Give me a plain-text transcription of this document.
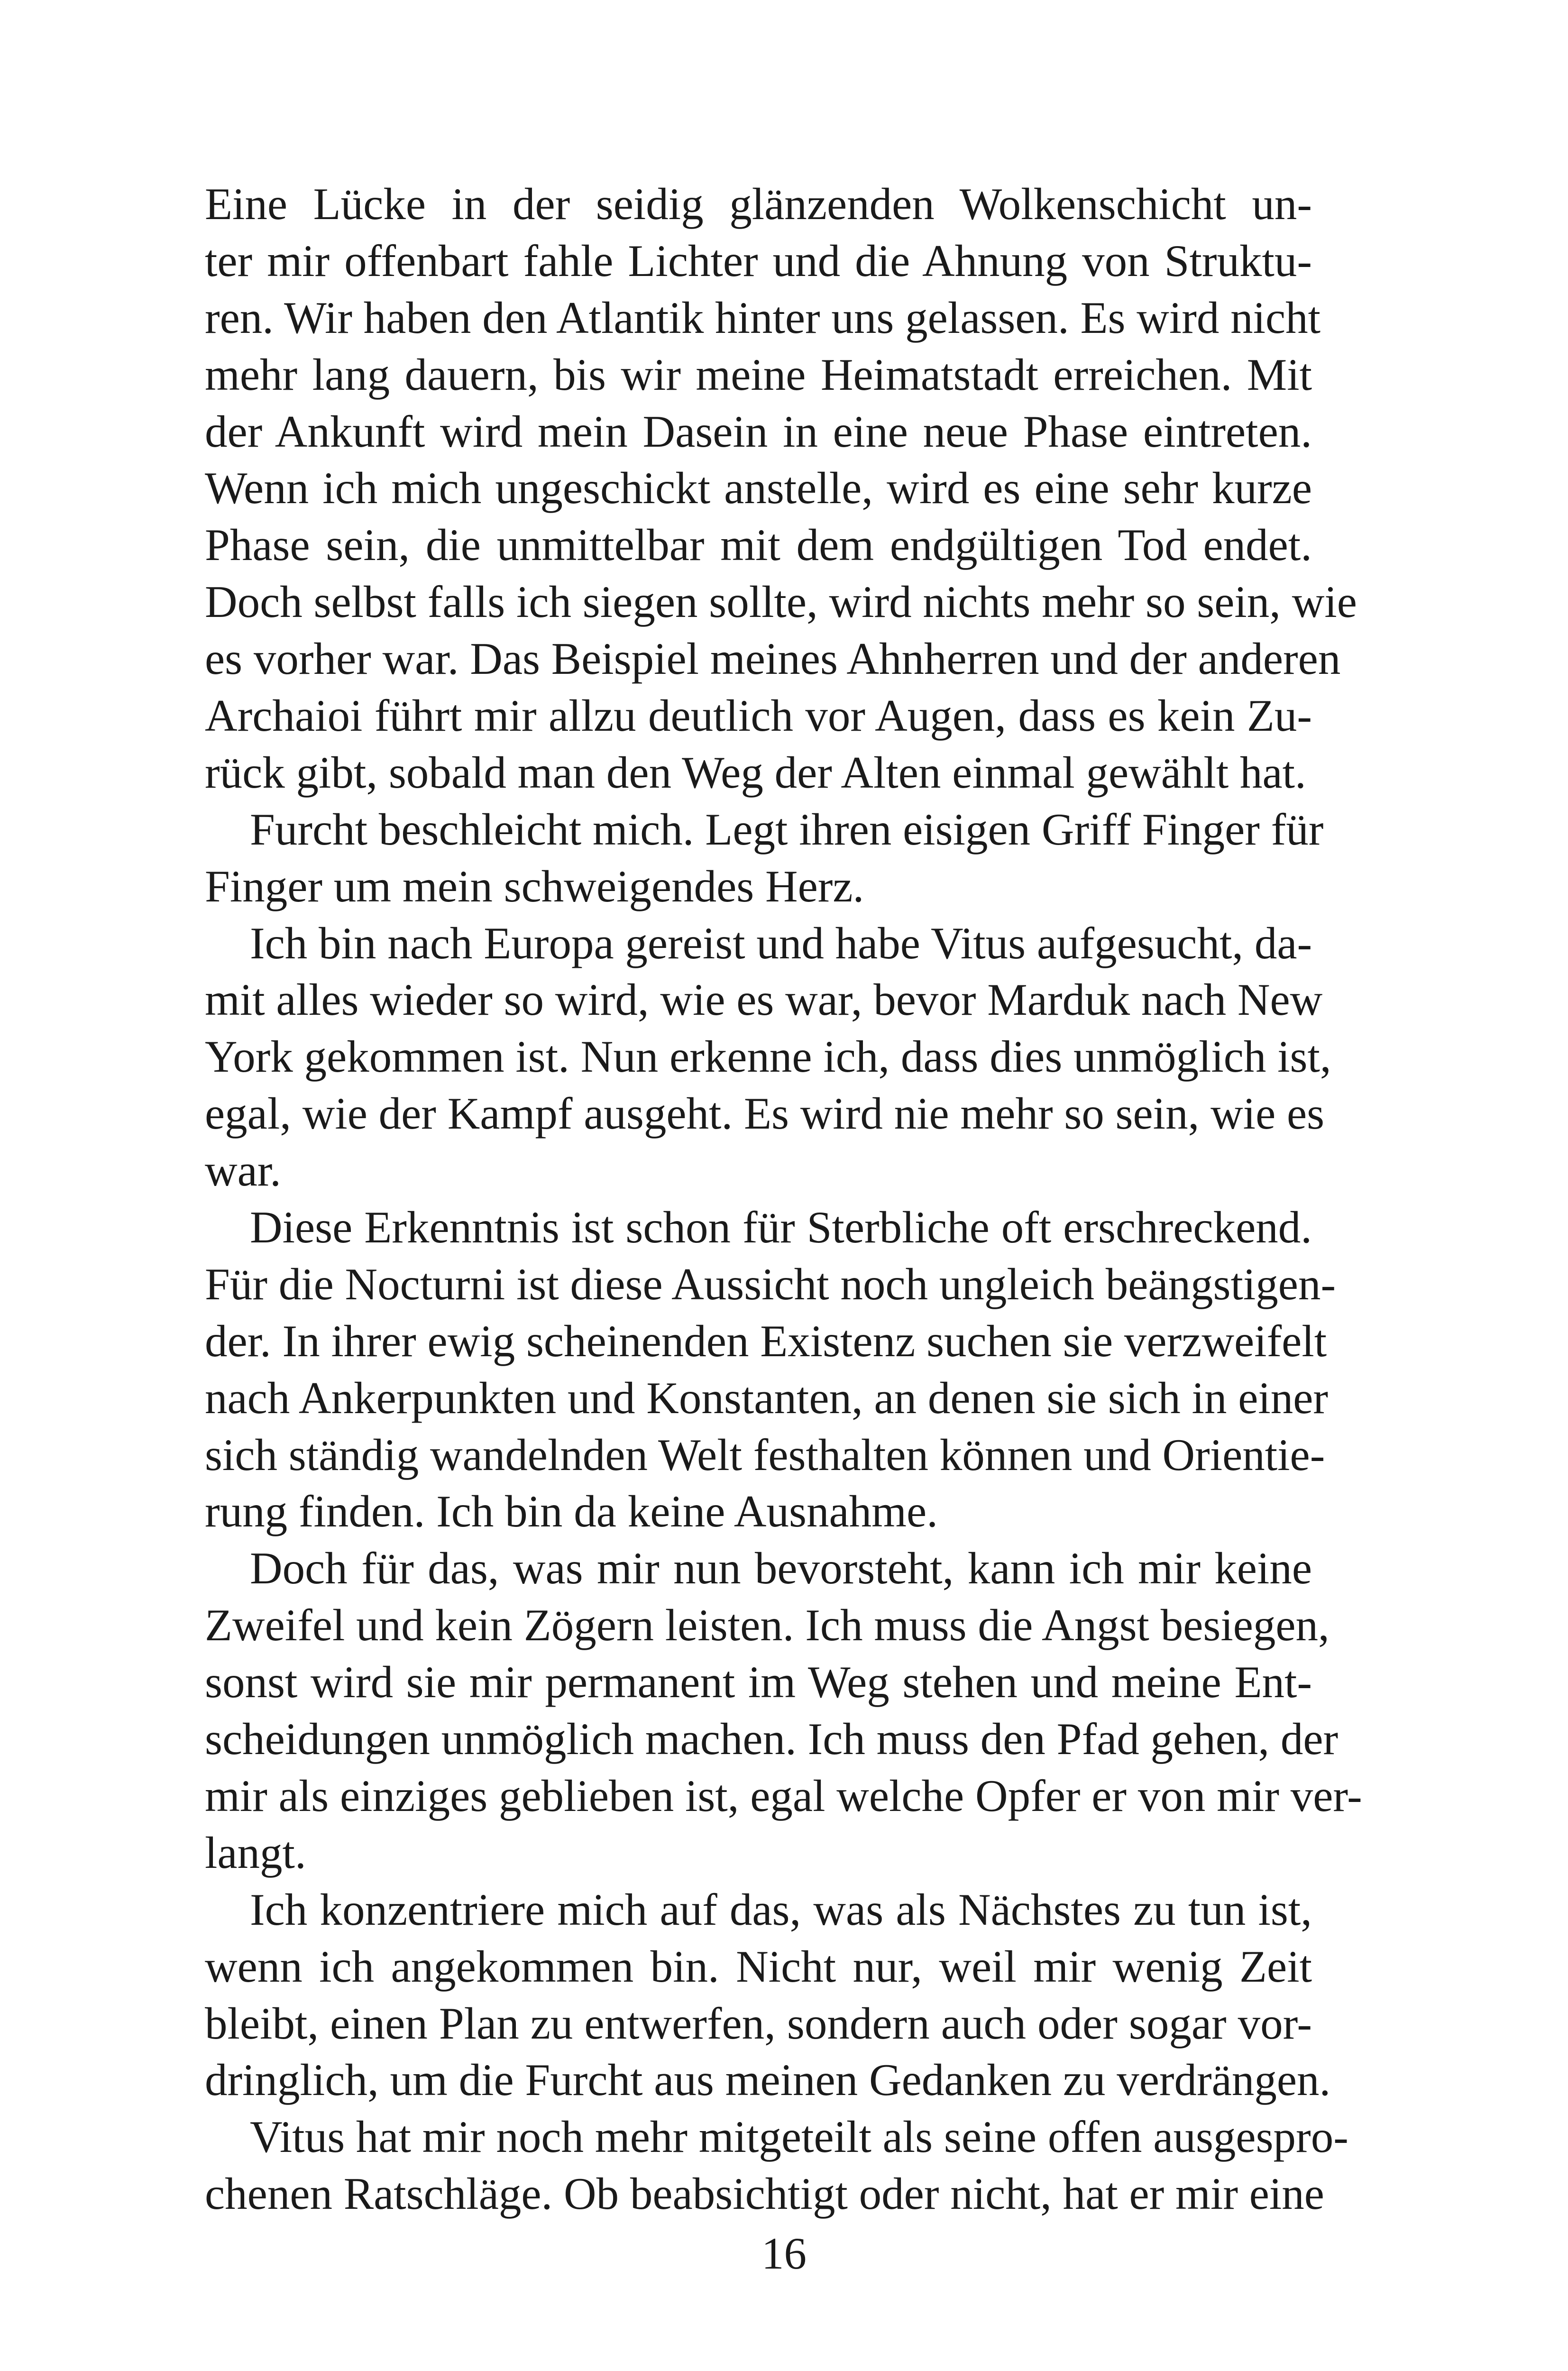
Eine Lücke in der seidig glänzenden Wolkenschicht un-
ter mir offenbart fahle Lichter und die Ahnung von Struktu-
ren. Wir haben den Atlantik hinter uns gelassen. Es wird nicht
mehr lang dauern, bis wir meine Heimatstadt erreichen. Mit
der Ankunft wird mein Dasein in eine neue Phase eintreten.
Wenn ich mich ungeschickt anstelle, wird es eine sehr kurze
Phase sein, die unmittelbar mit dem endgültigen Tod endet.
Doch selbst falls ich siegen sollte, wird nichts mehr so sein, wie
es vorher war. Das Beispiel meines Ahnherren und der anderen
Archaioi führt mir allzu deutlich vor Augen, dass es kein Zu-
rück gibt, sobald man den Weg der Alten einmal gewählt hat.
Furcht beschleicht mich. Legt ihren eisigen Griff Finger für
Finger um mein schweigendes Herz.
Ich bin nach Europa gereist und habe Vitus aufgesucht, da-
mit alles wieder so wird, wie es war, bevor Marduk nach New
York gekommen ist. Nun erkenne ich, dass dies unmöglich ist,
egal, wie der Kampf ausgeht. Es wird nie mehr so sein, wie es
war.
Diese Erkenntnis ist schon für Sterbliche oft erschreckend.
Für die Nocturni ist diese Aussicht noch ungleich beängstigen-
der. In ihrer ewig scheinenden Existenz suchen sie verzweifelt
nach Ankerpunkten und Konstanten, an denen sie sich in einer
sich ständig wandelnden Welt festhalten können und Orientie-
rung finden. Ich bin da keine Ausnahme.
Doch für das, was mir nun bevorsteht, kann ich mir keine
Zweifel und kein Zögern leisten. Ich muss die Angst besiegen,
sonst wird sie mir permanent im Weg stehen und meine Ent-
scheidungen unmöglich machen. Ich muss den Pfad gehen, der
mir als einziges geblieben ist, egal welche Opfer er von mir ver-
langt.
Ich konzentriere mich auf das, was als Nächstes zu tun ist,
wenn ich angekommen bin. Nicht nur, weil mir wenig Zeit
bleibt, einen Plan zu entwerfen, sondern auch oder sogar vor-
dringlich, um die Furcht aus meinen Gedanken zu verdrängen.
Vitus hat mir noch mehr mitgeteilt als seine offen ausgespro-
chenen Ratschläge. Ob beabsichtigt oder nicht, hat er mir eine
16
